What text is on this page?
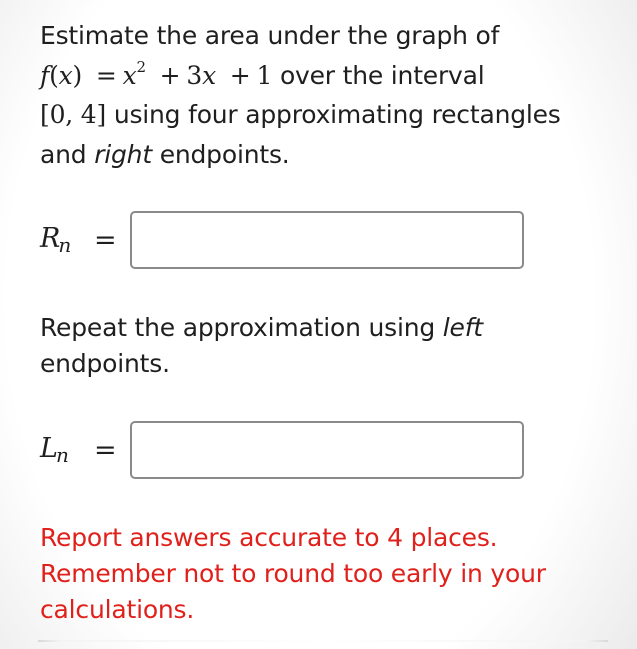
Estimate the area under the graph of
$f(x) = x^2 + 3x + 1$ over the interval
[0, 4] using four approximating rectangles
and right endpoints.
$R_n$ =
Repeat the approximation using left
endpoints.
$L_n$ =
Report answers accurate to 4 places.
Remember not to round too early in your
calculations.
